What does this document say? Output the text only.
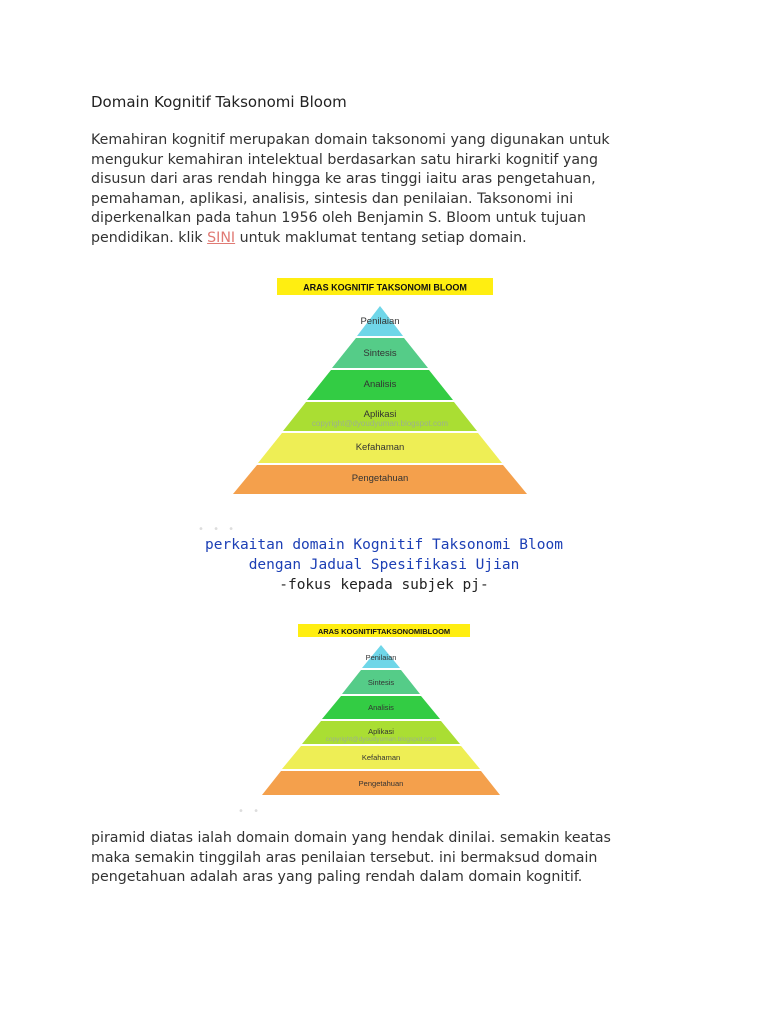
Domain Kognitif Taksonomi Bloom

Kemahiran kognitif merupakan domain taksonomi yang digunakan untuk

mengukur kemahiran intelektual berdasarkan satu hirarki kognitif yang

disusun dari aras rendah hingga ke aras tinggi iaitu aras pengetahuan,

pemahaman, aplikasi, analisis, sintesis dan penilaian. Taksonomi ini

diperkenalkan pada tahun 1956 oleh Benjamin S. Bloom untuk tujuan

pendidikan. klik SINI untuk maklumat tentang setiap domain.

ARAS KOGNITIF TAKSONOMI BLOOM
Penilaian
Sintesis
Analisis
Aplikasi
Kefahaman
Pengetahuan
copyright@dyoudyuman.blogspot.com
• • •
perkaitan domain Kognitif Taksonomi Bloom
dengan Jadual Spesifikasi Ujian
-fokus kepada subjek pj-
ARAS KOGNITIFTAKSONOMIBLOOM
Penilaian
Sintesis
Analisis
Aplikasi
Kefahaman
Pengetahuan
copyright@dyoudyuman.blogspot.com
• •

piramid diatas ialah domain domain yang hendak dinilai. semakin keatas

maka semakin tinggilah aras penilaian tersebut. ini bermaksud domain

pengetahuan adalah aras yang paling rendah dalam domain kognitif.
